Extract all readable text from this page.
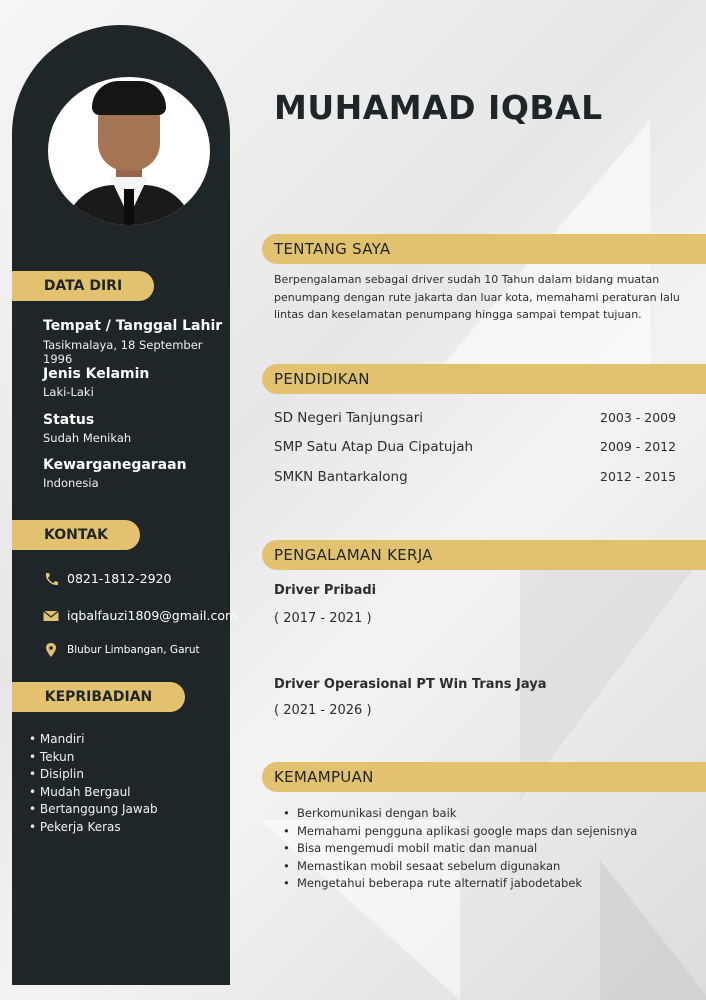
DATA DIRI
Tempat / Tanggal Lahir
Tasikmalaya, 18 September 1996
Jenis Kelamin
Laki-Laki
Status
Sudah Menikah
Kewarganegaraan
Indonesia
KONTAK
0821-1812-2920
iqbalfauzi1809@gmail.com
Blubur Limbangan, Garut
KEPRIBADIAN
• Mandiri
• Tekun
• Disiplin
• Mudah Bergaul
• Bertanggung Jawab
• Pekerja Keras
MUHAMAD IQBAL
TENTANG SAYA
Berpengalaman sebagai driver sudah 10 Tahun dalam bidang muatan penumpang dengan rute jakarta dan luar kota, memahami peraturan lalu lintas dan keselamatan penumpang hingga sampai tempat tujuan.
PENDIDIKAN
SD Negeri Tanjungsari	2003 - 2009
SMP Satu Atap Dua Cipatujah	2009 - 2012
SMKN Bantarkalong	2012 - 2015
PENGALAMAN KERJA
Driver Pribadi
( 2017 - 2021 )
Driver Operasional PT Win Trans Jaya
( 2021 - 2026 )
KEMAMPUAN
• Berkomunikasi dengan baik
• Memahami pengguna aplikasi google maps dan sejenisnya
• Bisa mengemudi mobil matic dan manual
• Memastikan mobil sesaat sebelum digunakan
• Mengetahui beberapa rute alternatif jabodetabek
